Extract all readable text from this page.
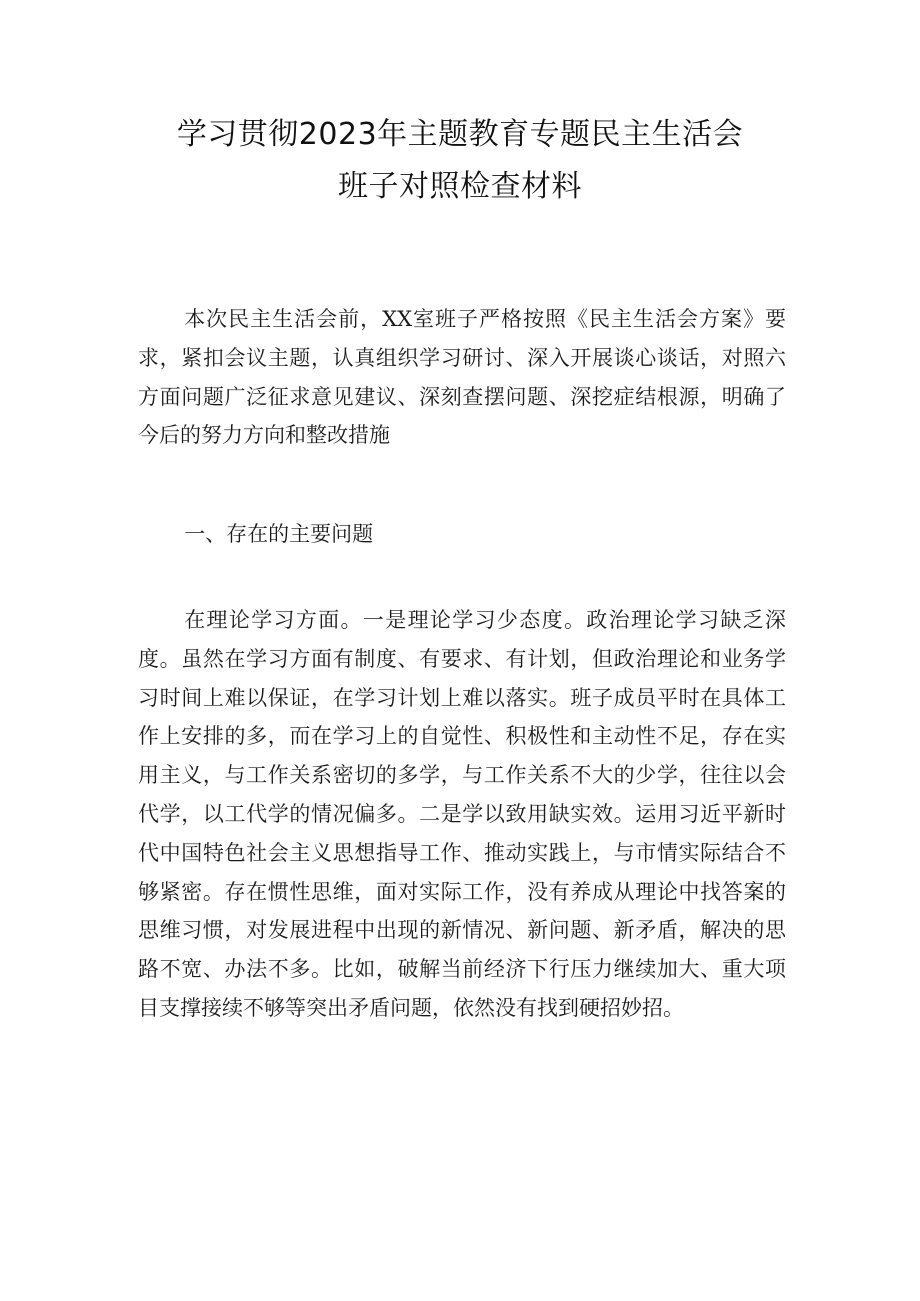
学习贯彻2023年主题教育专题民主生活会
班子对照检查材料

本次民主生活会前，XX室班子严格按照《民主生活会方案》要求，紧扣会议主题，认真组织学习研讨、深入开展谈心谈话，对照六方面问题广泛征求意见建议、深刻查摆问题、深挖症结根源，明确了今后的努力方向和整改措施

一、存在的主要问题

在理论学习方面。一是理论学习少态度。政治理论学习缺乏深度。虽然在学习方面有制度、有要求、有计划，但政治理论和业务学习时间上难以保证，在学习计划上难以落实。班子成员平时在具体工作上安排的多，而在学习上的自觉性、积极性和主动性不足，存在实用主义，与工作关系密切的多学，与工作关系不大的少学，往往以会代学，以工代学的情况偏多。二是学以致用缺实效。运用习近平新时代中国特色社会主义思想指导工作、推动实践上，与市情实际结合不够紧密。存在惯性思维，面对实际工作，没有养成从理论中找答案的思维习惯，对发展进程中出现的新情况、新问题、新矛盾，解决的思路不宽、办法不多。比如，破解当前经济下行压力继续加大、重大项目支撑接续不够等突出矛盾问题，依然没有找到硬招妙招。
